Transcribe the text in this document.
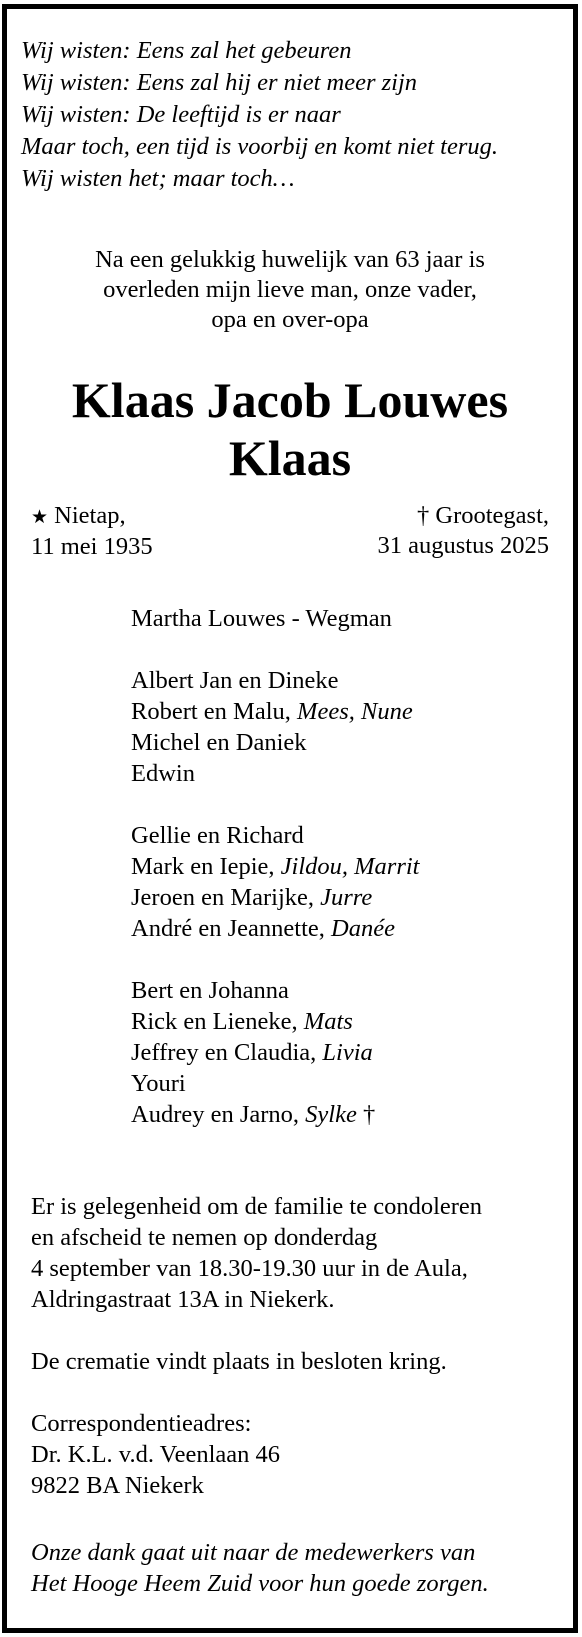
Wij wisten: Eens zal het gebeuren
Wij wisten: Eens zal hij er niet meer zijn
Wij wisten: De leeftijd is er naar
Maar toch, een tijd is voorbij en komt niet terug.
Wij wisten het; maar toch…
Na een gelukkig huwelijk van 63 jaar is
overleden mijn lieve man, onze vader,
opa en over-opa
Klaas Jacob Louwes
Klaas
★ Nietap,
11 mei 1935
† Grootegast,
31 augustus 2025
Martha Louwes - Wegman
Albert Jan en Dineke
Robert en Malu, Mees, Nune
Michel en Daniek
Edwin
Gellie en Richard
Mark en Iepie, Jildou, Marrit
Jeroen en Marijke, Jurre
André en Jeannette, Danée
Bert en Johanna
Rick en Lieneke, Mats
Jeffrey en Claudia, Livia
Youri
Audrey en Jarno, Sylke †
Er is gelegenheid om de familie te condoleren
en afscheid te nemen op donderdag
4 september van 18.30-19.30 uur in de Aula,
Aldringastraat 13A in Niekerk.
De crematie vindt plaats in besloten kring.
Correspondentieadres:
Dr. K.L. v.d. Veenlaan 46
9822 BA Niekerk
Onze dank gaat uit naar de medewerkers van
Het Hooge Heem Zuid voor hun goede zorgen.
